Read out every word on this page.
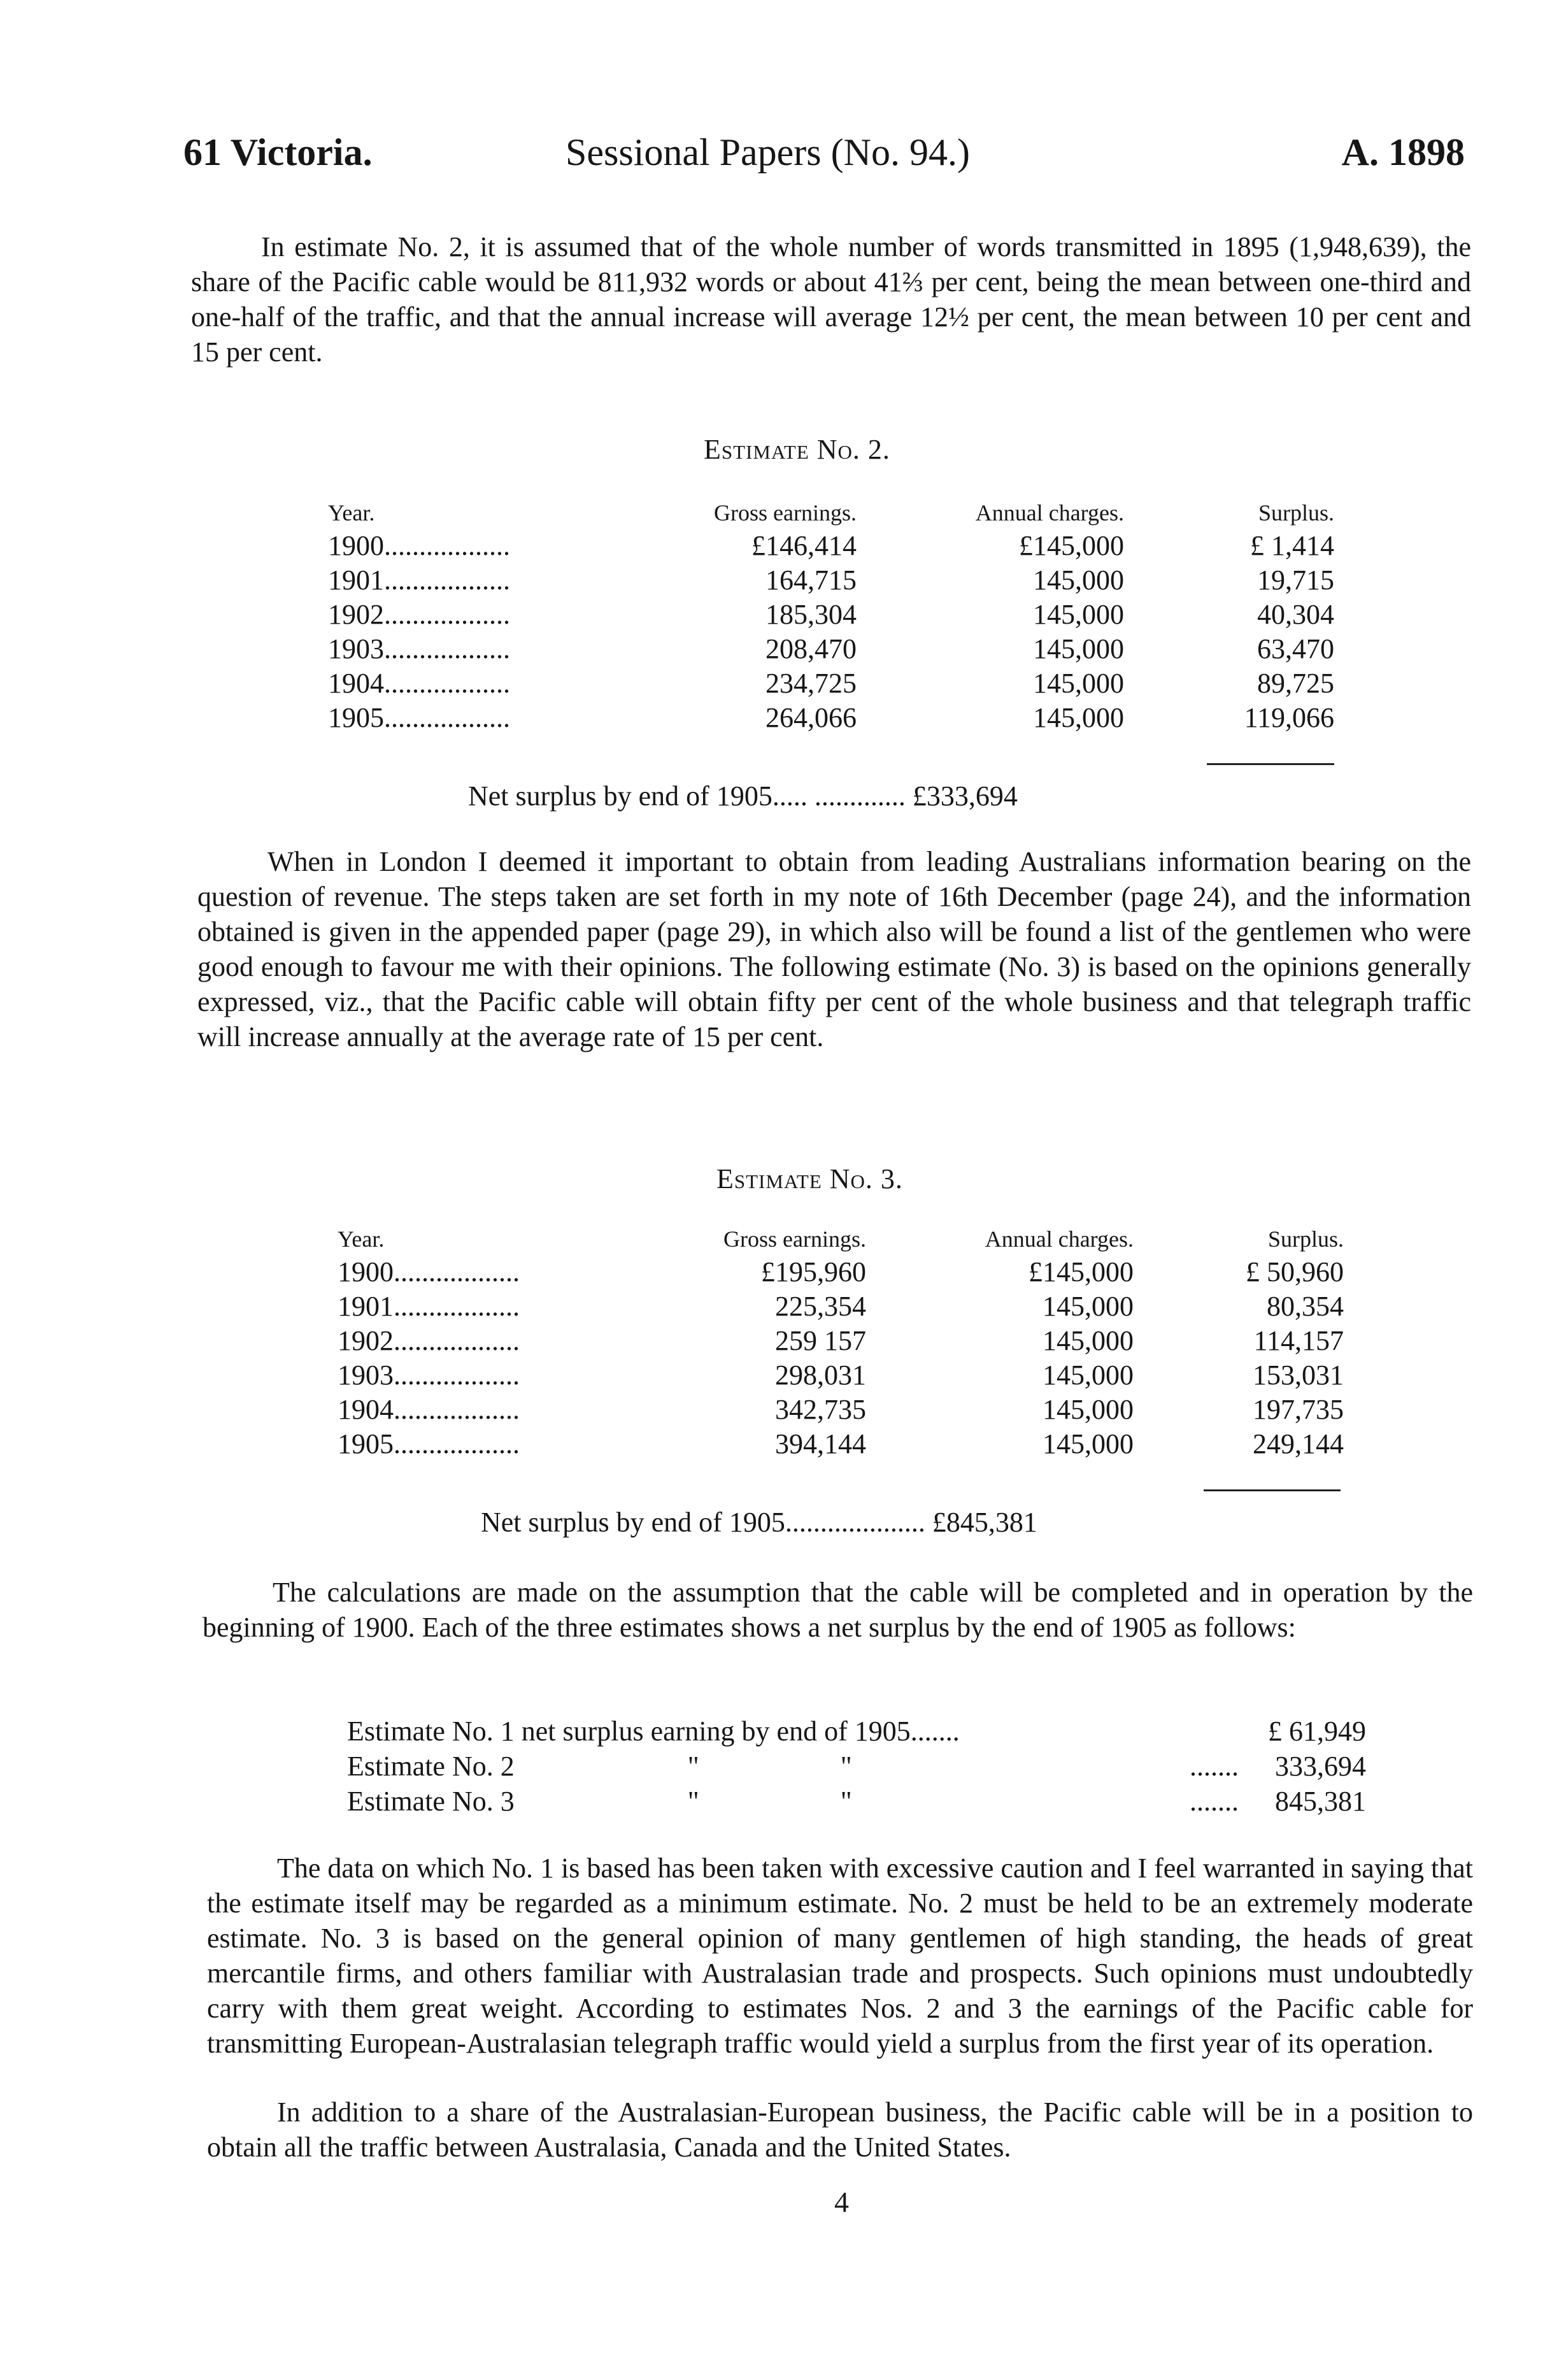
61 Victoria.	Sessional Papers (No. 94.)	A. 1898

In estimate No. 2, it is assumed that of the whole number of words transmitted in 1895 (1,948,639), the share of the Pacific cable would be 811,932 words or about 41⅔ per cent, being the mean between one-third and one-half of the traffic, and that the annual increase will average 12½ per cent, the mean between 10 per cent and 15 per cent.

Estimate No. 2.
Year.	Gross earnings.	Annual charges.	Surplus.
1900..................	£146,414	£145,000	£ 1,414
1901..................	164,715	145,000	19,715
1902..................	185,304	145,000	40,304
1903..................	208,470	145,000	63,470
1904..................	234,725	145,000	89,725
1905..................	264,066	145,000	119,066
Net surplus by end of 1905..... ............. £333,694

When in London I deemed it important to obtain from leading Australians information bearing on the question of revenue. The steps taken are set forth in my note of 16th December (page 24), and the information obtained is given in the appended paper (page 29), in which also will be found a list of the gentlemen who were good enough to favour me with their opinions. The following estimate (No. 3) is based on the opinions generally expressed, viz., that the Pacific cable will obtain fifty per cent of the whole business and that telegraph traffic will increase annually at the average rate of 15 per cent.

Estimate No. 3.
Year.	Gross earnings.	Annual charges.	Surplus.
1900..................	£195,960	£145,000	£ 50,960
1901..................	225,354	145,000	80,354
1902..................	259 157	145,000	114,157
1903..................	298,031	145,000	153,031
1904..................	342,735	145,000	197,735
1905..................	394,144	145,000	249,144
Net surplus by end of 1905.................... £845,381

The calculations are made on the assumption that the cable will be completed and in operation by the beginning of 1900. Each of the three estimates shows a net surplus by the end of 1905 as follows:

Estimate No. 1 net surplus earning by end of 1905.......		£ 61,949
Estimate No. 2 " "	.......	333,694
Estimate No. 3 " "	.......	845,381

The data on which No. 1 is based has been taken with excessive caution and I feel warranted in saying that the estimate itself may be regarded as a minimum estimate. No. 2 must be held to be an extremely moderate estimate. No. 3 is based on the general opinion of many gentlemen of high standing, the heads of great mercantile firms, and others familiar with Australasian trade and prospects. Such opinions must undoubtedly carry with them great weight. According to estimates Nos. 2 and 3 the earnings of the Pacific cable for transmitting European-Australasian telegraph traffic would yield a surplus from the first year of its operation.

In addition to a share of the Australasian-European business, the Pacific cable will be in a position to obtain all the traffic between Australasia, Canada and the United States.

4
